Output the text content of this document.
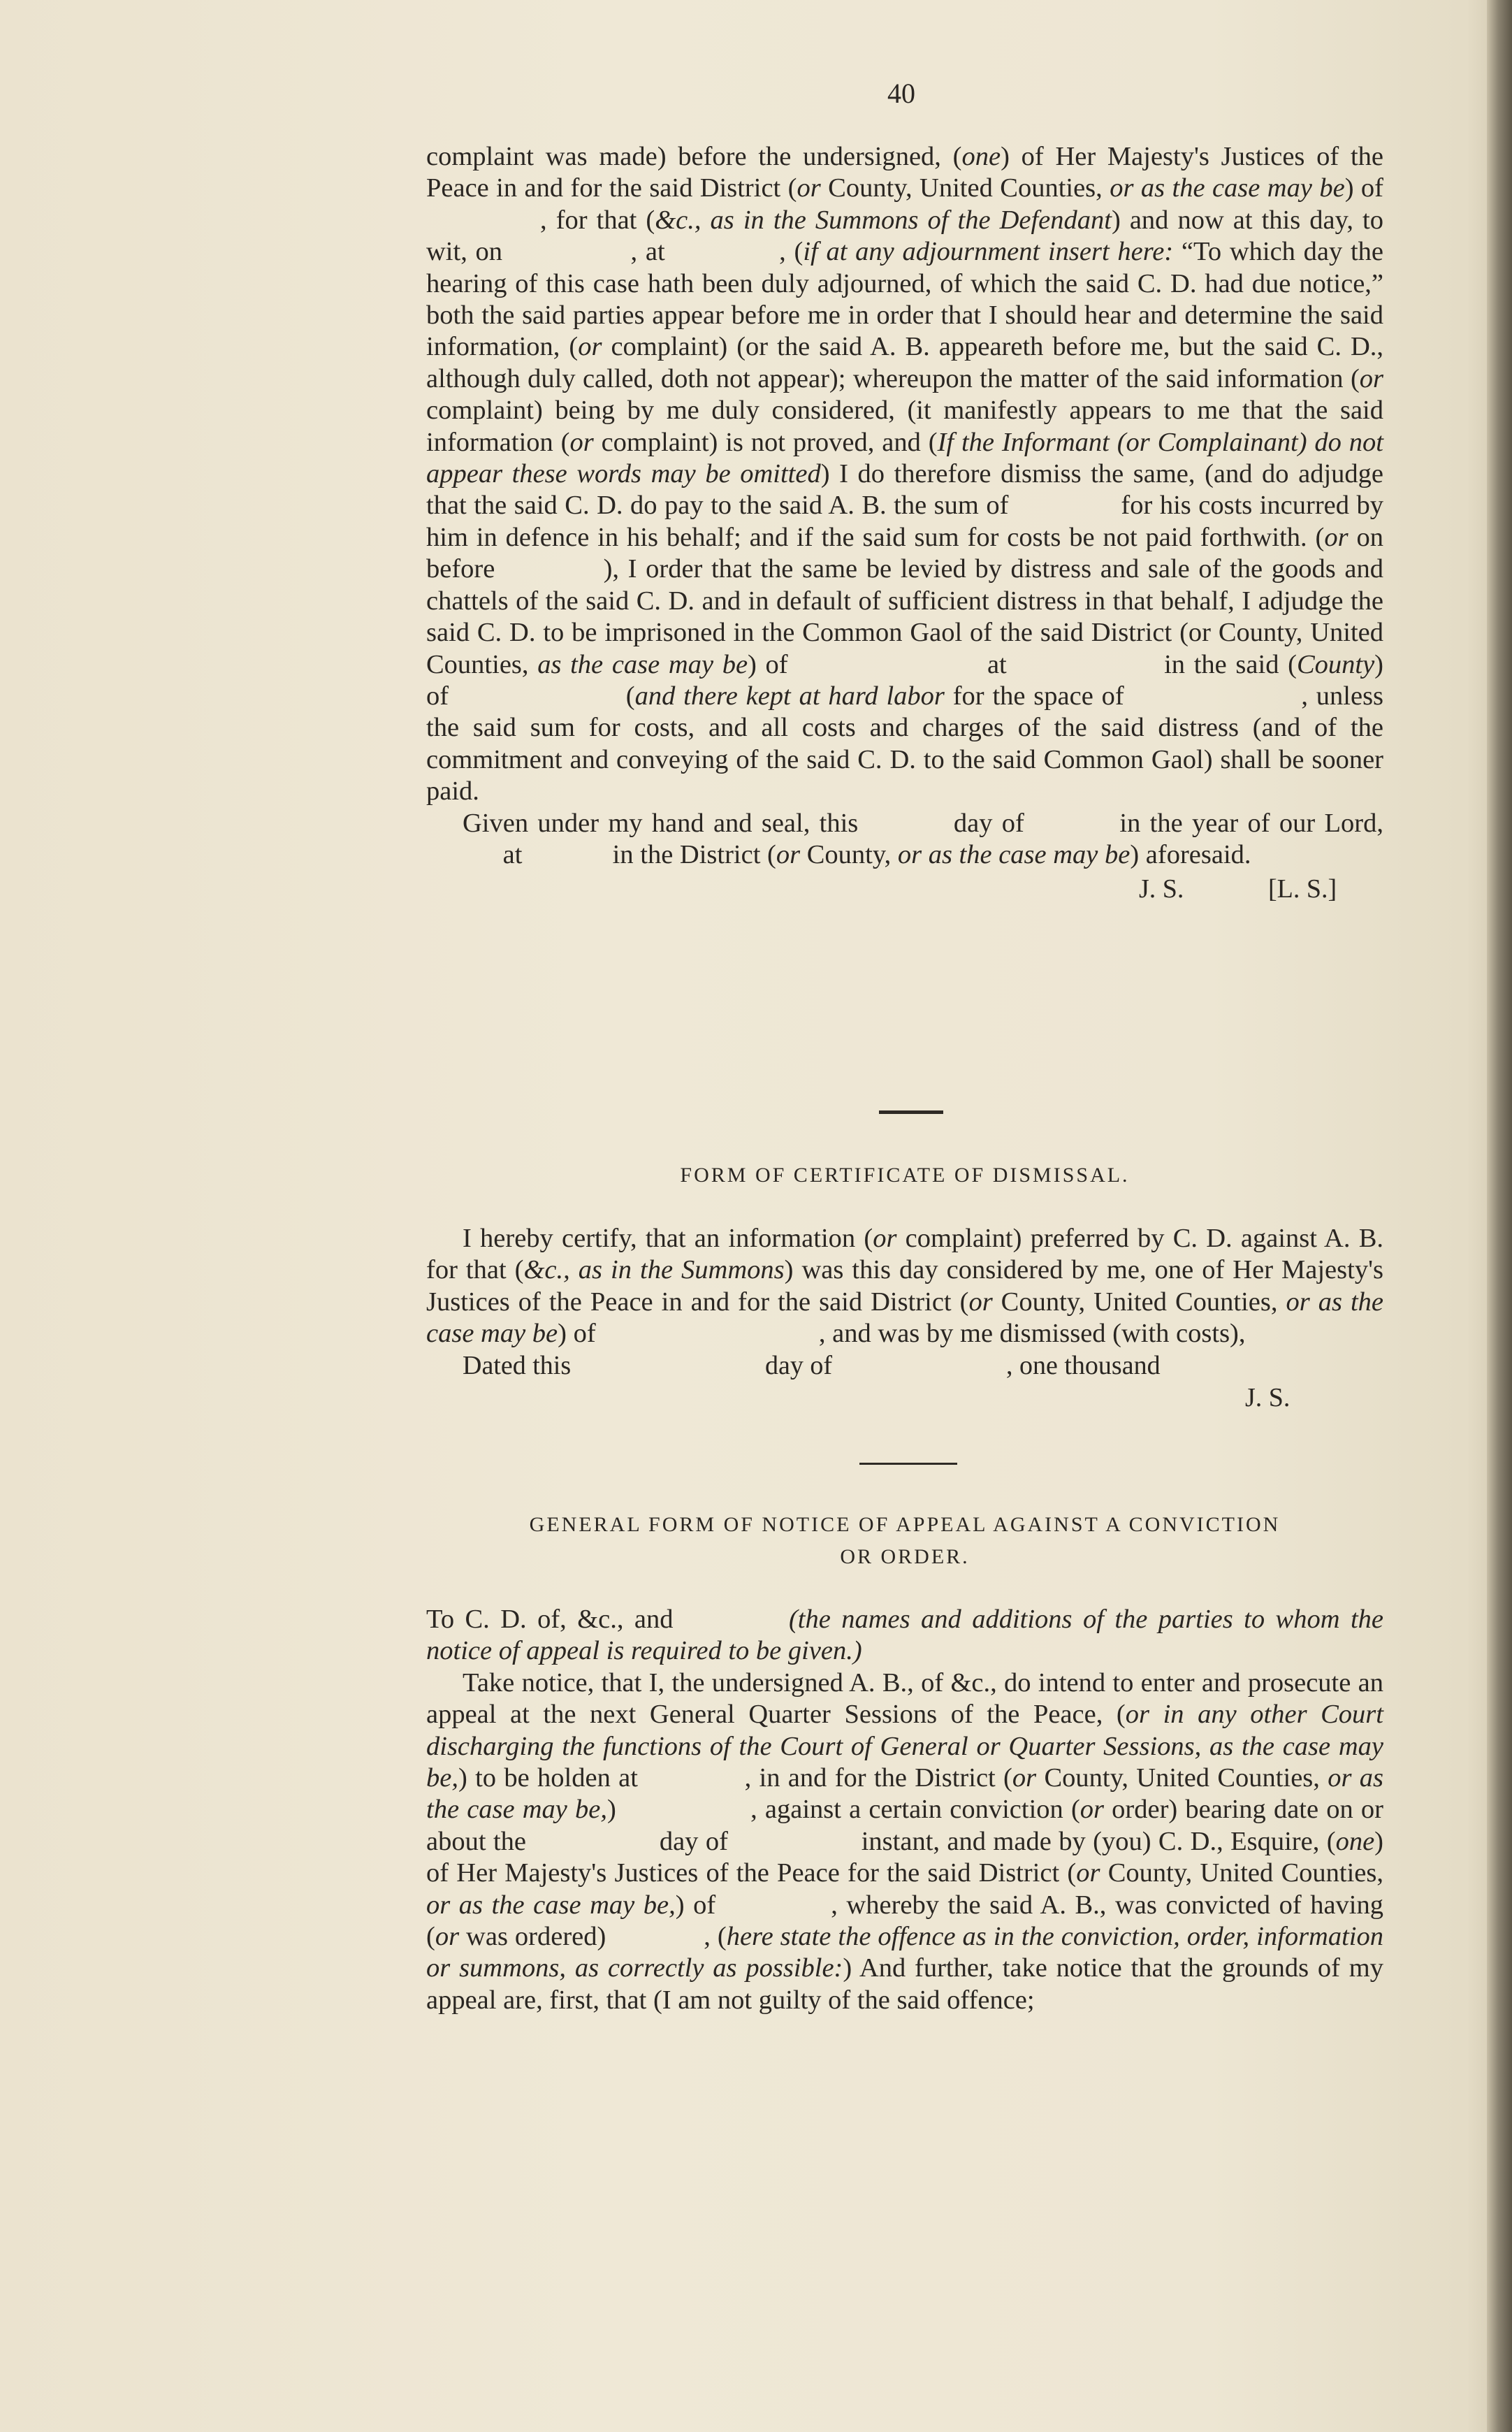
40

complaint was made) before the undersigned, (one) of Her Majesty's Justices of the Peace in and for the said District (or County, United Counties, or as the case may be) of  , for that (&c., as in the Summons of the Defendant) and now at this day, to wit, on	, at	, (if at any adjournment insert here: “To which day the hearing of this case hath been duly adjourned, of which the said C. D. had due notice,” both the said parties appear before me in order that I should hear and determine the said information, (or complaint) (or the said A. B. appeareth before me, but the said C. D., although duly called, doth not appear); whereupon the matter of the said information (or complaint) being by me duly considered, (it manifestly appears to me that the said information (or complaint) is not proved, and (If the Informant (or Complainant) do not appear these words may be omitted) I do therefore dismiss the same, (and do adjudge that the said C. D. do pay to the said A. B. the sum of	for his costs incurred by him in defence in his behalf; and if the said sum for costs be not paid forthwith. (or on before	), I order that the same be levied by distress and sale of the goods and chattels of the said C. D. and in default of sufficient distress in that behalf, I adjudge the said C. D. to be imprisoned in the Common Gaol of the said District (or County, United Counties, as the case may be) of	at	in the said (County) of	(and there kept at hard labor for the space of	, unless the said sum for costs, and all costs and charges of the said distress (and of the commitment and conveying of the said C. D. to the said Common Gaol) shall be sooner paid.

Given under my hand and seal, this	day of	in the year of our Lord,  at	in the District (or County, or as the case may be) aforesaid.

J. S.	[L. S.]
FORM OF CERTIFICATE OF DISMISSAL.

I hereby certify, that an information (or complaint) preferred by C. D. against A. B. for that (&c., as in the Summons) was this day considered by me, one of Her Majesty's Justices of the Peace in and for the said District (or County, United Counties, or as the case may be) of	, and was by me dismissed (with costs),

Dated this	day of	, one thousand
J. S.
GENERAL FORM OF NOTICE OF APPEAL AGAINST A CONVICTION
OR ORDER.

To C. D. of, &c., and	(the names and additions of the parties to whom the notice of appeal is required to be given.)

Take notice, that I, the undersigned A. B., of &c., do intend to enter and prosecute an appeal at the next General Quarter Sessions of the Peace, (or in any other Court discharging the functions of the Court of General or Quarter Sessions, as the case may be,) to be holden at	, in and for the District (or County, United Counties, or as the case may be,)	, against a certain conviction (or order) bearing date on or about the	day of	instant, and made by (you) C. D., Esquire, (one) of Her Majesty's Justices of the Peace for the said District (or County, United Counties, or as the case may be,) of	, whereby the said A. B., was convicted of having (or was ordered)	, (here state the offence as in the conviction, order, information or summons, as correctly as possible:) And further, take notice that the grounds of my appeal are, first, that (I am not guilty of the said offence;
